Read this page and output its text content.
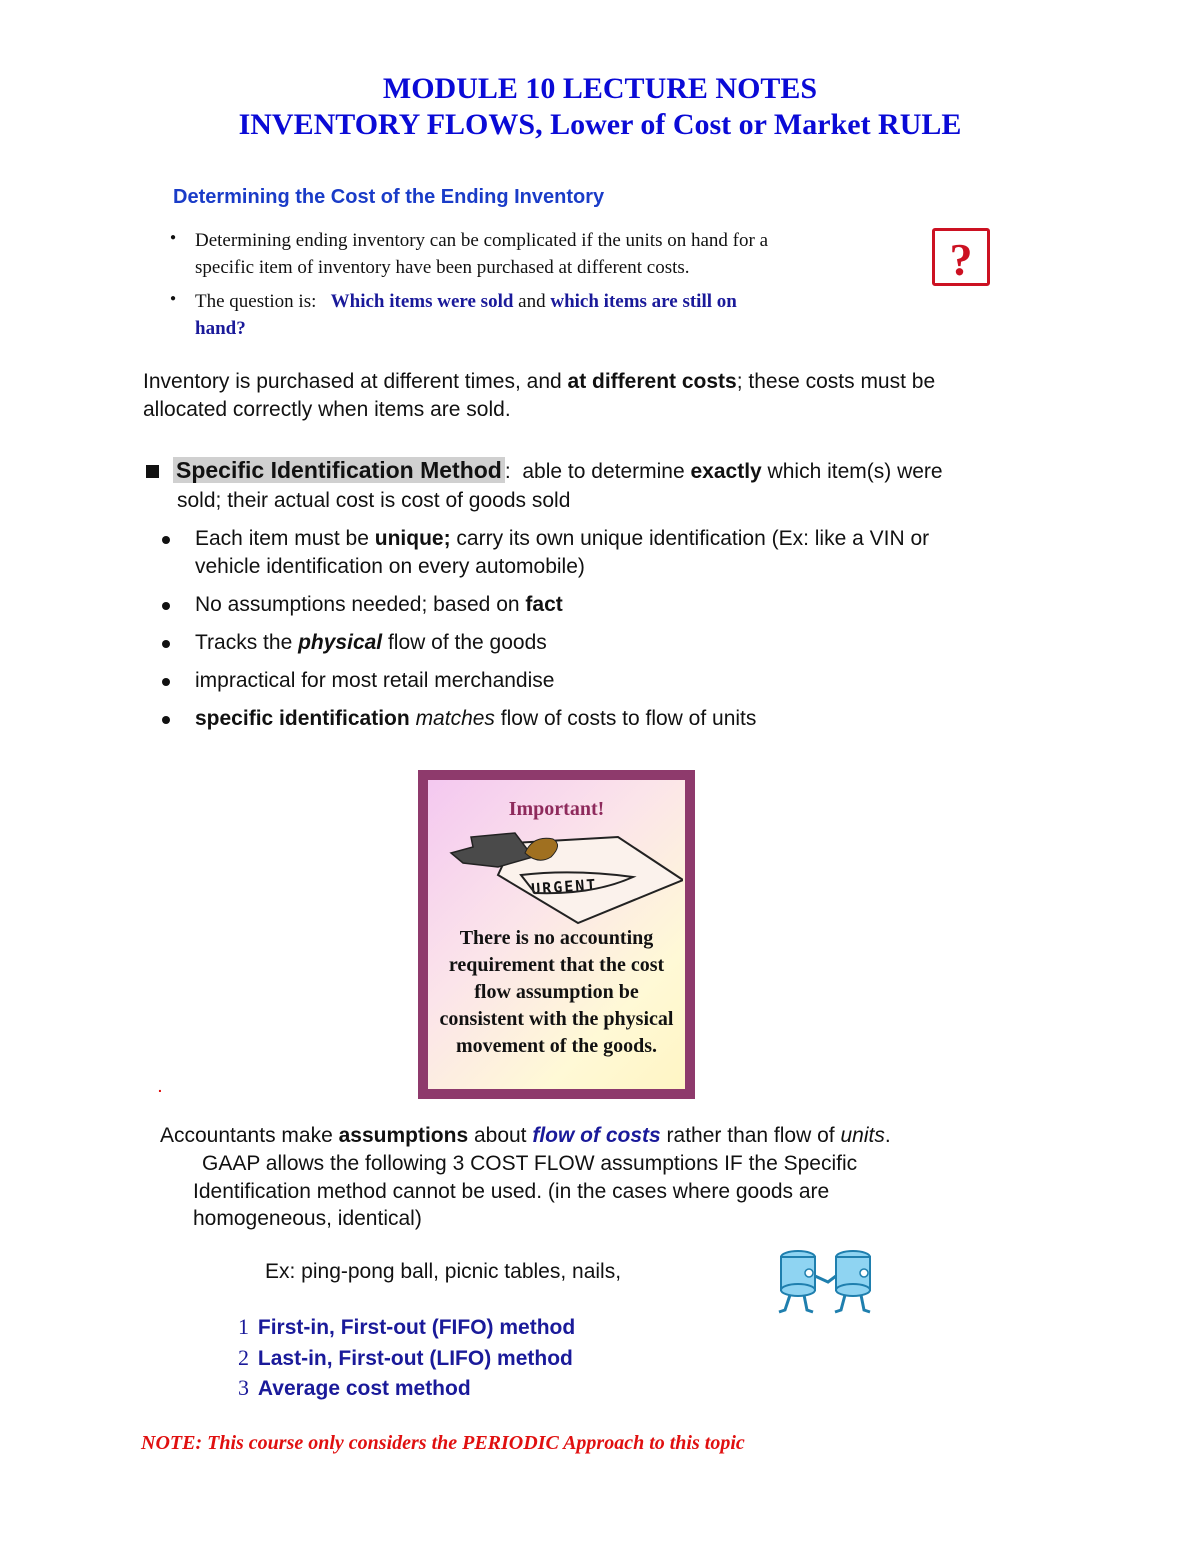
MODULE 10 LECTURE NOTES
INVENTORY FLOWS, Lower of Cost or Market RULE
Determining the Cost of the Ending Inventory
● Determining ending inventory can be complicated if the units on hand for a
specific item of inventory have been purchased at different costs.
● The question is: Which items were sold and which items are still on
hand?
?
Inventory is purchased at different times, and at different costs; these costs must be
allocated correctly when items are sold.
Specific Identification Method : able to determine exactly which item(s) were
sold; their actual cost is cost of goods sold
Each item must be unique; carry its own unique identification (Ex: like a VIN or
vehicle identification on every automobile)
No assumptions needed; based on fact
Tracks the physical flow of the goods
impractical for most retail merchandise
specific identification matches flow of costs to flow of units
Important!
URGENT
There is no accounting requirement that the cost flow assumption be consistent with the physical movement of the goods.
.
Accountants make assumptions about flow of costs rather than flow of units.
GAAP allows the following 3 COST FLOW assumptions IF the Specific
Identification method cannot be used. (in the cases where goods are
homogeneous, identical)
Ex: ping-pong ball, picnic tables, nails,
1 First-in, First-out (FIFO) method
2 Last-in, First-out (LIFO) method
3 Average cost method
NOTE: This course only considers the PERIODIC Approach to this topic
